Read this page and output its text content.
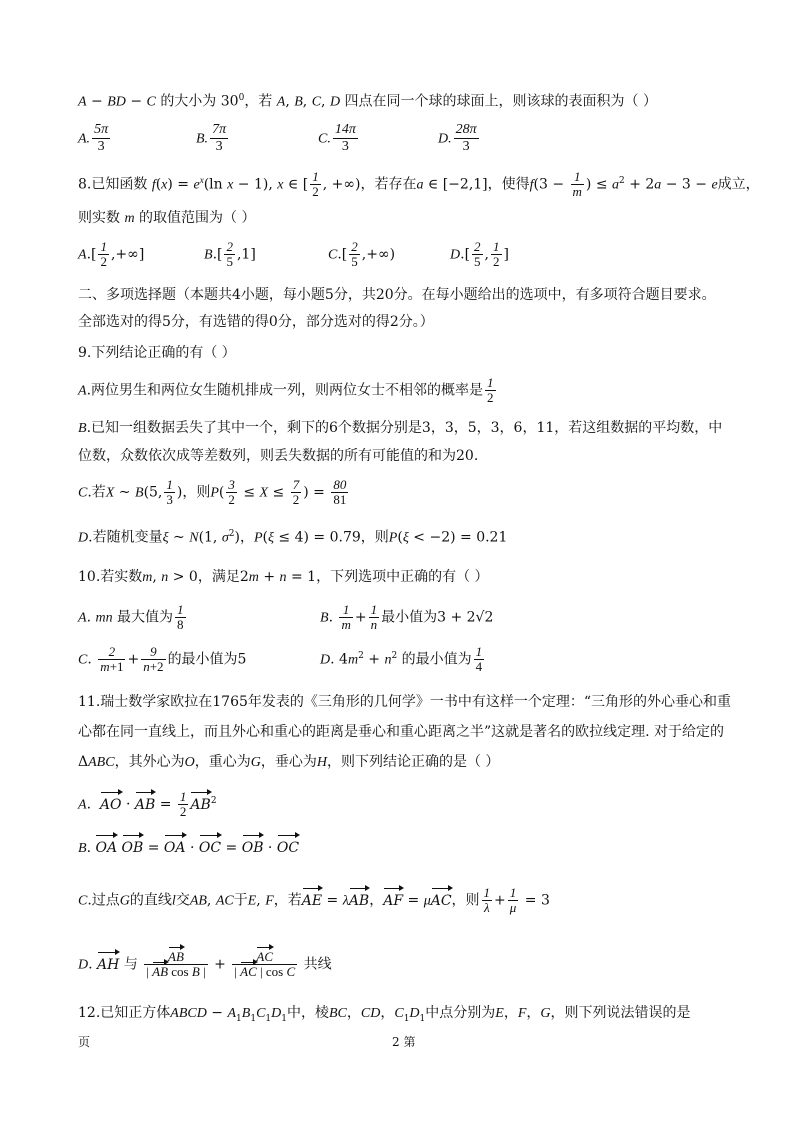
A − BD − C 的大小为 $30^0$，若 A, B, C, D 四点在同一个球的球面上，则该球的表面积为（ ）
A. $\frac{5\pi}{3}$	B. $\frac{7\pi}{3}$	C. $\frac{14\pi}{3}$	D. $\frac{28\pi}{3}$
8.已知函数 $f(x) = e^x(\ln$ x − 1), x ∈ [ $\frac{1}{2}$ , +∞)，若存在a ∈ [−2,1]，使得$f(3 - \frac{1}{m}$ ) ≤ $a^2 + 2a - 3 - e$成立，
则实数 m 的取值范围为（ ）
$A.[ \frac{1}{2}$ ,+∞]	$B.[ \frac{2}{5} ,1]$	$C.[ \frac{2}{5}$ ,+∞)	$D.[ \frac{2}{5}$ , $\frac{1}{2}$ ]
二、多项选择题（本题共4小题，每小题5分，共20分。在每小题给出的选项中，有多项符合题目要求。
全部选对的得5分，有选错的得0分，部分选对的得2分。）
9.下列结论正确的有（ ）
A.两位男生和两位女生随机排成一列，则两位女士不相邻的概率是 $\frac{1}{2}$
B.已知一组数据丢失了其中一个，剩下的6个数据分别是3，3，5，3，6，11，若这组数据的平均数，中
位数，众数依次成等差数列，则丢失数据的所有可能值的和为20.
C.若X ~ B(5, $\frac{1}{3}$ )，则$P( \frac{3}{2} \le X \le \frac{7}{2}$ ) = $\frac{80}{81}$
D.若随机变量ξ ~ N(1, $\sigma^2$)，P(ξ ≤ 4) = 0.79，则P(ξ < −2) = 0.21
10.若实数m, n > 0，满足2m + n = 1，下列选项中正确的有（ ）
A. mn 最大值为 $\frac{1}{8}$	B. $\frac{1}{m} + \frac{1}{n}$ 最小值为3 + 2√2
C. $\frac{2}{m+1} + \frac{9}{n+2}$ 的最小值为5	D. $4m^2 + n^2$ 的最小值为 $\frac{1}{4}$
11.瑞士数学家欧拉在1765年发表的《三角形的几何学》一书中有这样一个定理：“三角形的外心垂心和重
心都在同一直线上，而且外心和重心的距离是垂心和重心距离之半”这就是著名的欧拉线定理. 对于给定的
ΔABC，其外心为O，重心为G，垂心为H，则下列结论正确的是（ ）
A.  AO · AB = $\frac{1}{2} AB^2$
B. OA OB = OA · OC = OB · OC
C.过点G的直线l交AB, AC于E, F，若AE = λAB，AF = μAC，则 $\frac{1}{\lambda} + \frac{1}{\mu} = 3$
D. AH 与 $\frac{AB}{\text{| AB cos B |}} + \frac{AC}{\text{| AC | cos C}}$ 共线
12.已知正方体ABCD − $A_1B_1C_1D_1$中，棱BC，CD，$C_1D_1$中点分别为E，F，G，则下列说法错误的是
页	2 第
